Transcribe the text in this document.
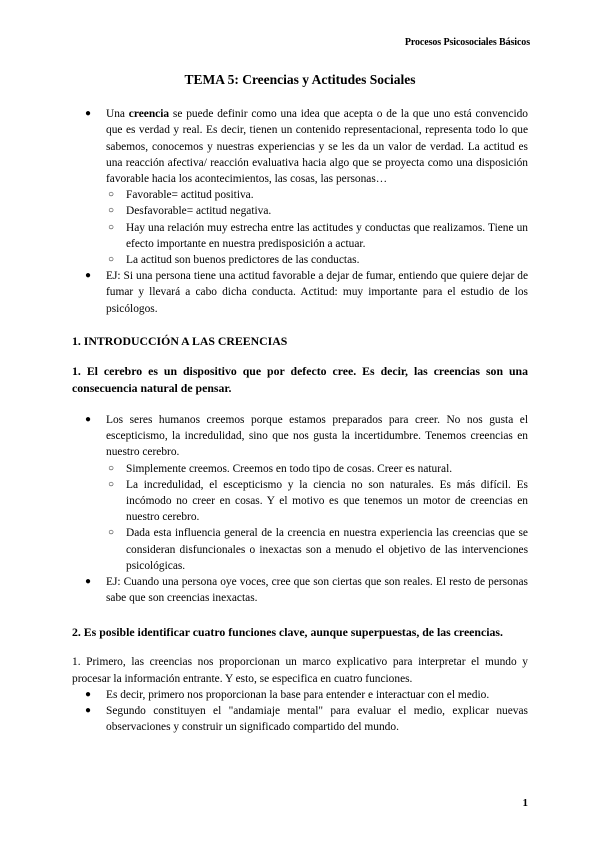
Procesos Psicosociales Básicos
TEMA 5: Creencias y Actitudes Sociales
●	Una creencia se puede definir como una idea que acepta o de la que uno está convencido que es verdad y real. Es decir, tienen un contenido representacional, representa todo lo que sabemos, conocemos y nuestras experiencias y se les da un valor de verdad. La actitud es una reacción afectiva/ reacción evaluativa hacia algo que se proyecta como una disposición favorable hacia los acontecimientos, las cosas, las personas…
○	Favorable= actitud positiva.
○	Desfavorable= actitud negativa.
○	Hay una relación muy estrecha entre las actitudes y conductas que realizamos. Tiene un efecto importante en nuestra predisposición a actuar.
○	La actitud son buenos predictores de las conductas.
●	EJ: Si una persona tiene una actitud favorable a dejar de fumar, entiendo que quiere dejar de fumar y llevará a cabo dicha conducta. Actitud: muy importante para el estudio de los psicólogos.
1. INTRODUCCIÓN A LAS CREENCIAS
1. El cerebro es un dispositivo que por defecto cree. Es decir, las creencias son una consecuencia natural de pensar.
●	Los seres humanos creemos porque estamos preparados para creer. No nos gusta el escepticismo, la incredulidad, sino que nos gusta la incertidumbre. Tenemos creencias en nuestro cerebro.
○	Simplemente creemos. Creemos en todo tipo de cosas. Creer es natural.
○	La incredulidad, el escepticismo y la ciencia no son naturales. Es más difícil. Es incómodo no creer en cosas. Y el motivo es que tenemos un motor de creencias en nuestro cerebro.
○	Dada esta influencia general de la creencia en nuestra experiencia las creencias que se consideran disfuncionales o inexactas son a menudo el objetivo de las intervenciones psicológicas.
●	EJ: Cuando una persona oye voces, cree que son ciertas que son reales. El resto de personas sabe que son creencias inexactas.
2. Es posible identificar cuatro funciones clave, aunque superpuestas, de las creencias.
1. Primero, las creencias nos proporcionan un marco explicativo para interpretar el mundo y procesar la información entrante. Y esto, se especifica en cuatro funciones.
●	Es decir, primero nos proporcionan la base para entender e interactuar con el medio.
●	Segundo constituyen el "andamiaje mental" para evaluar el medio, explicar nuevas observaciones y construir un significado compartido del mundo.
1
